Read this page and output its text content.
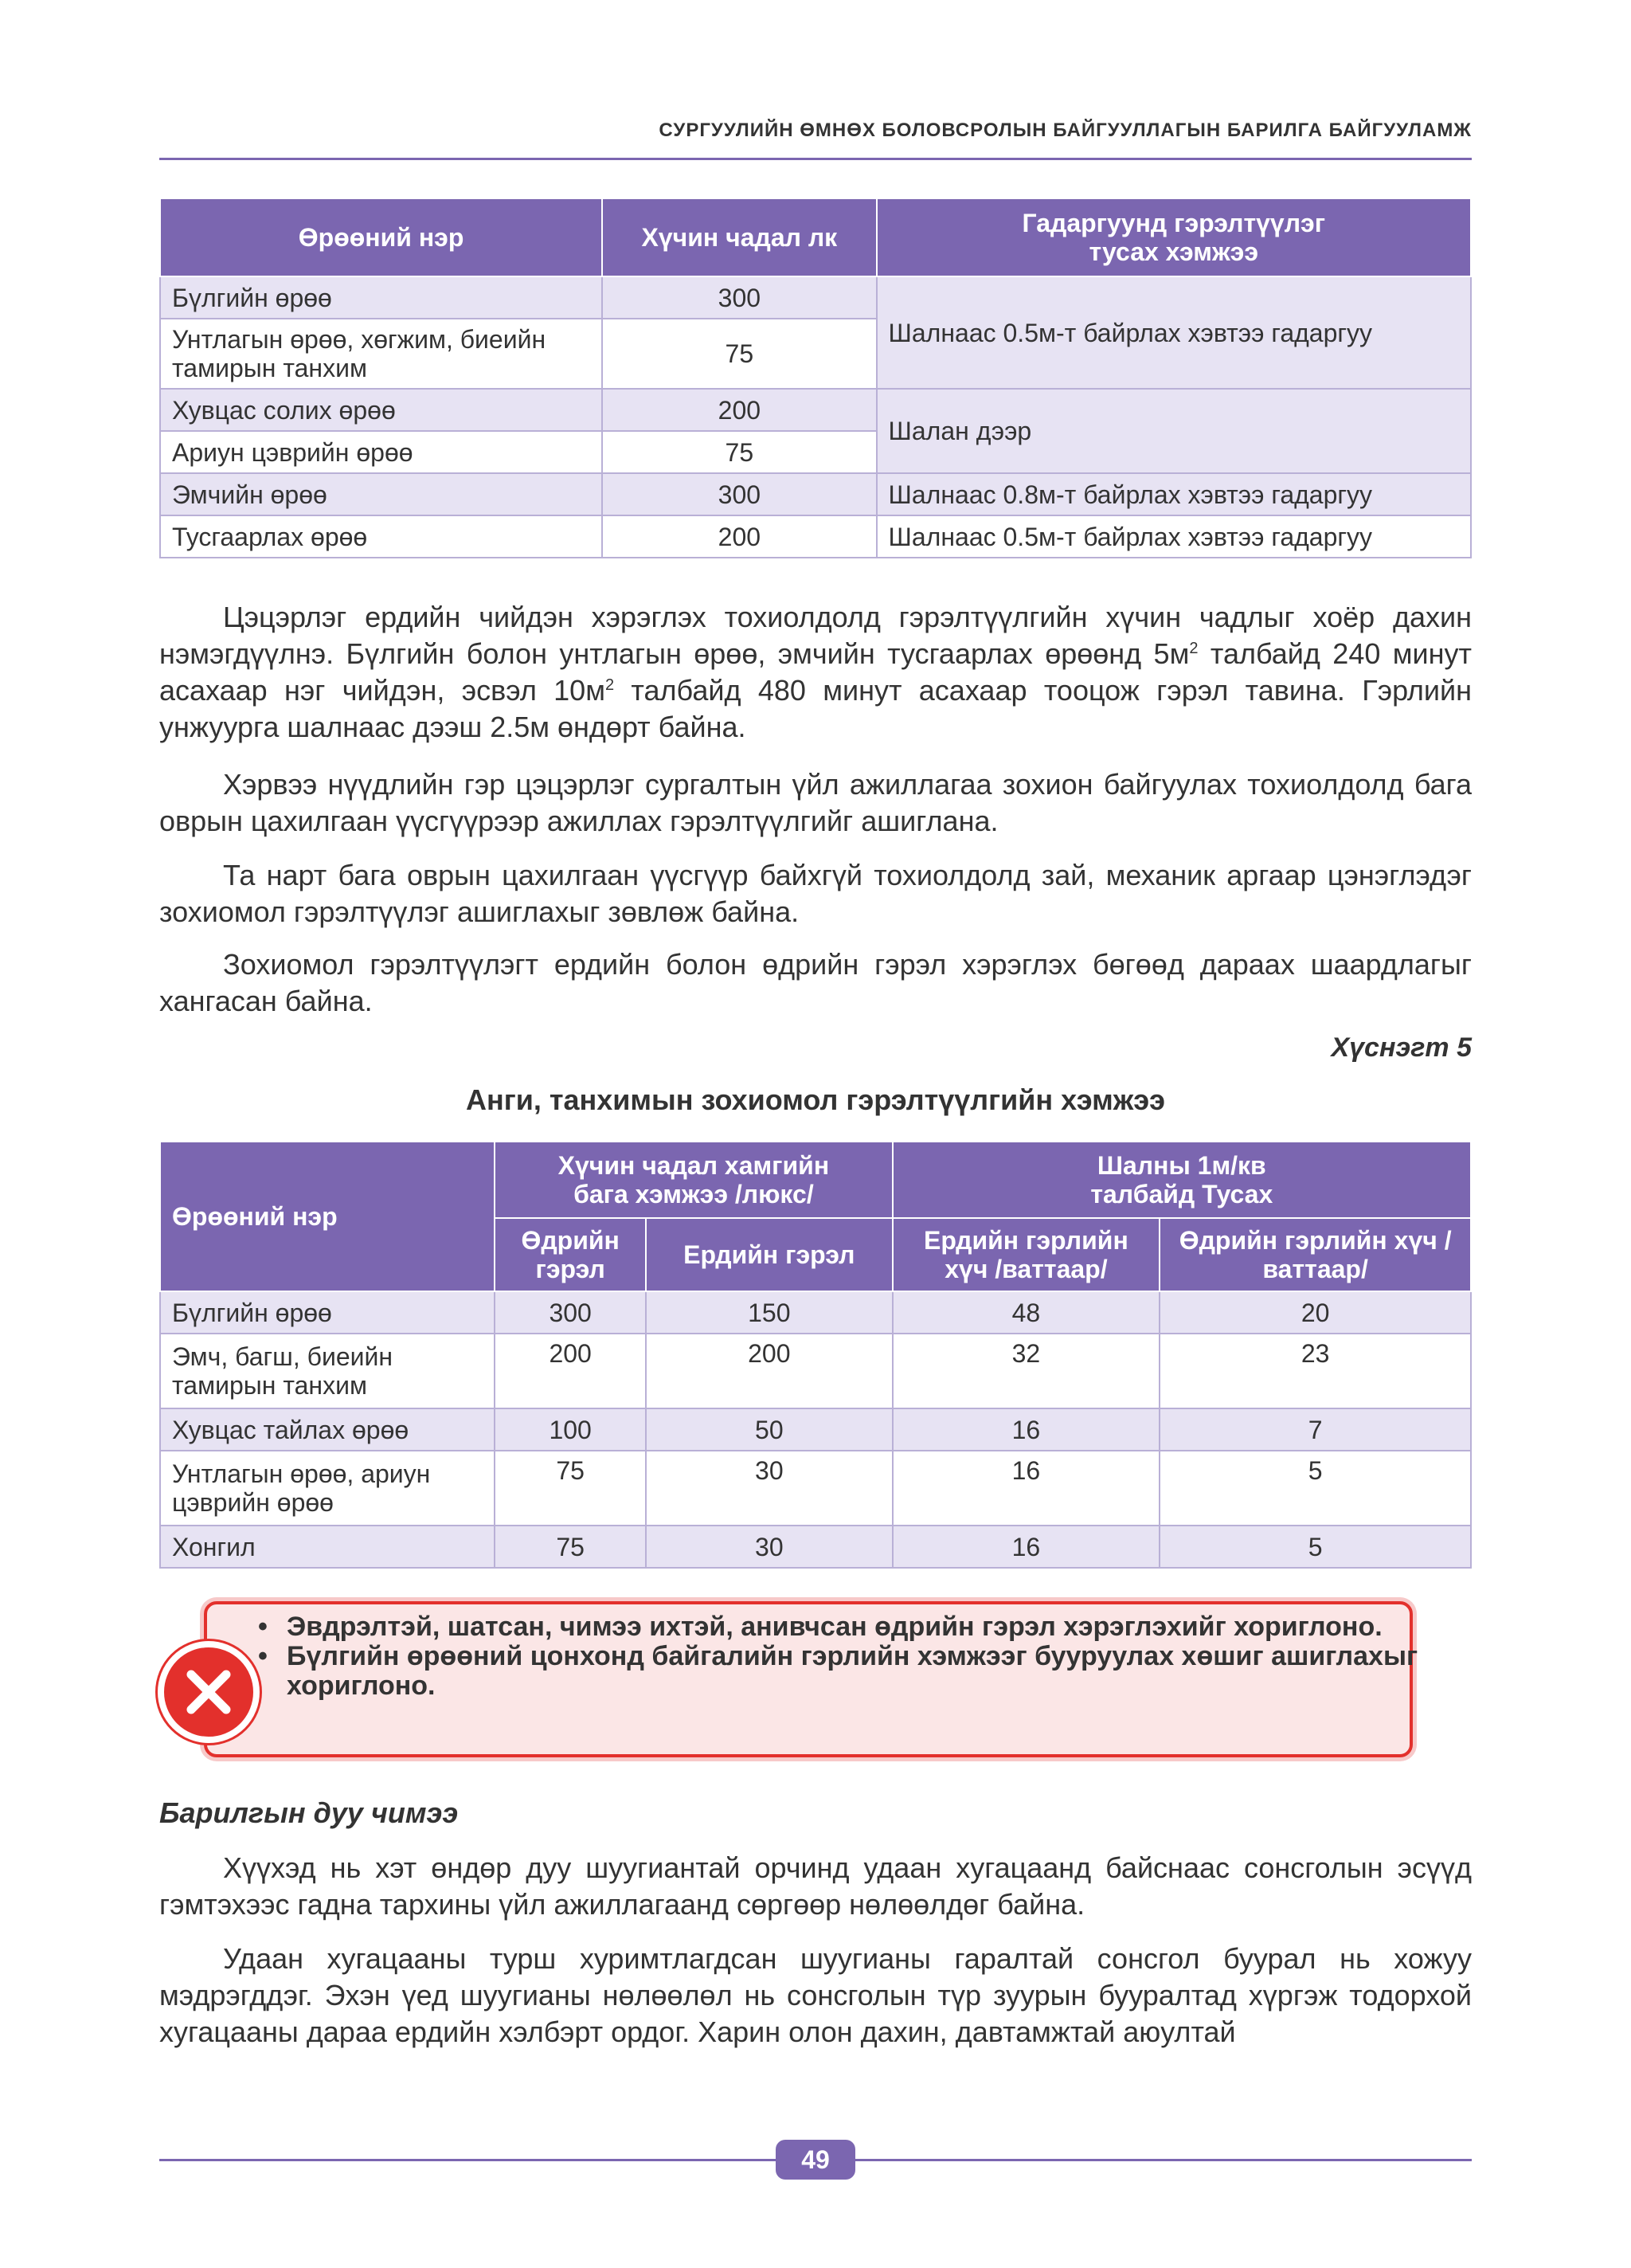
СУРГУУЛИЙН ӨМНӨХ БОЛОВСРОЛЫН БАЙГУУЛЛАГЫН БАРИЛГА БАЙГУУЛАМЖ
Өрөөний нэр	Хүчин чадал лк	Гадаргуунд гэрэлтүүлэг тусах хэмжээ
Бүлгийн өрөө	300	Шалнаас 0.5м-т байрлах хэвтээ гадаргуу
Унтлагын өрөө, хөгжим, биеийн тамирын танхим	75	
Хувцас солих өрөө	200	Шалан дээр
Ариун цэврийн өрөө	75	
Эмчийн өрөө	300	Шалнаас 0.8м-т байрлах хэвтээ гадаргуу
Тусгаарлах өрөө	200	Шалнаас 0.5м-т байрлах хэвтээ гадаргуу

Цэцэрлэг ердийн чийдэн хэрэглэх тохиолдолд гэрэлтүүлгийн хүчин чадлыг хоёр дахин нэмэгдүүлнэ. Бүлгийн болон унтлагын өрөө, эмчийн тусгаарлах өрөөнд $5м^2$ талбайд 240 минут асахаар нэг чийдэн, эсвэл $10м^2$ талбайд 480 минут асахаар тооцож гэрэл тавина. Гэрлийн унжуурга шалнаас дээш 2.5м өндөрт байна.

Хэрвээ нүүдлийн гэр цэцэрлэг сургалтын үйл ажиллагаа зохион байгуулах тохиолдолд бага оврын цахилгаан үүсгүүрээр ажиллах гэрэлтүүлгийг ашиглана.

Та нарт бага оврын цахилгаан үүсгүүр байхгүй тохиолдолд зай, механик аргаар цэнэглэдэг зохиомол гэрэлтүүлэг ашиглахыг зөвлөж байна.

Зохиомол гэрэлтүүлэгт ердийн болон өдрийн гэрэл хэрэглэх бөгөөд дараах шаардлагыг хангасан байна.

Хүснэгт 5
Анги, танхимын зохиомол гэрэлтүүлгийн хэмжээ
Өрөөний нэр	Хүчин чадал хамгийн бага хэмжээ /люкс/		Шалны 1м/кв талбайд Тусах	
	Өдрийн гэрэл	Ердийн гэрэл	Ердийн гэрлийн хүч /ваттаар/	Өдрийн гэрлийн хүч /ваттаар/
Бүлгийн өрөө	300	150	48	20
Эмч, багш, биеийн тамирын танхим	200	200	32	23
Хувцас тайлах өрөө	100	50	16	7
Унтлагын өрөө, ариун цэврийн өрөө	75	30	16	5
Хонгил	75	30	16	5
• Эвдрэлтэй, шатсан, чимээ ихтэй, анивчсан өдрийн гэрэл хэрэглэхийг хориглоно.
• Бүлгийн өрөөний цонхонд байгалийн гэрлийн хэмжээг бууруулах хөшиг ашиглахыг хориглоно.
Барилгын дуу чимээ

Хүүхэд нь хэт өндөр дуу шуугиантай орчинд удаан хугацаанд байснаас сонсголын эсүүд гэмтэхээс гадна тархины үйл ажиллагаанд сөргөөр нөлөөлдөг байна.

Удаан хугацааны турш хуримтлагдсан шуугианы гаралтай сонсгол буурал нь хожуу мэдрэгддэг. Эхэн үед шуугианы нөлөөлөл нь сонсголын түр зуурын бууралтад хүргэж тодорхой хугацааны дараа ердийн хэлбэрт ордог. Харин олон дахин, давтамжтай аюултай

49
